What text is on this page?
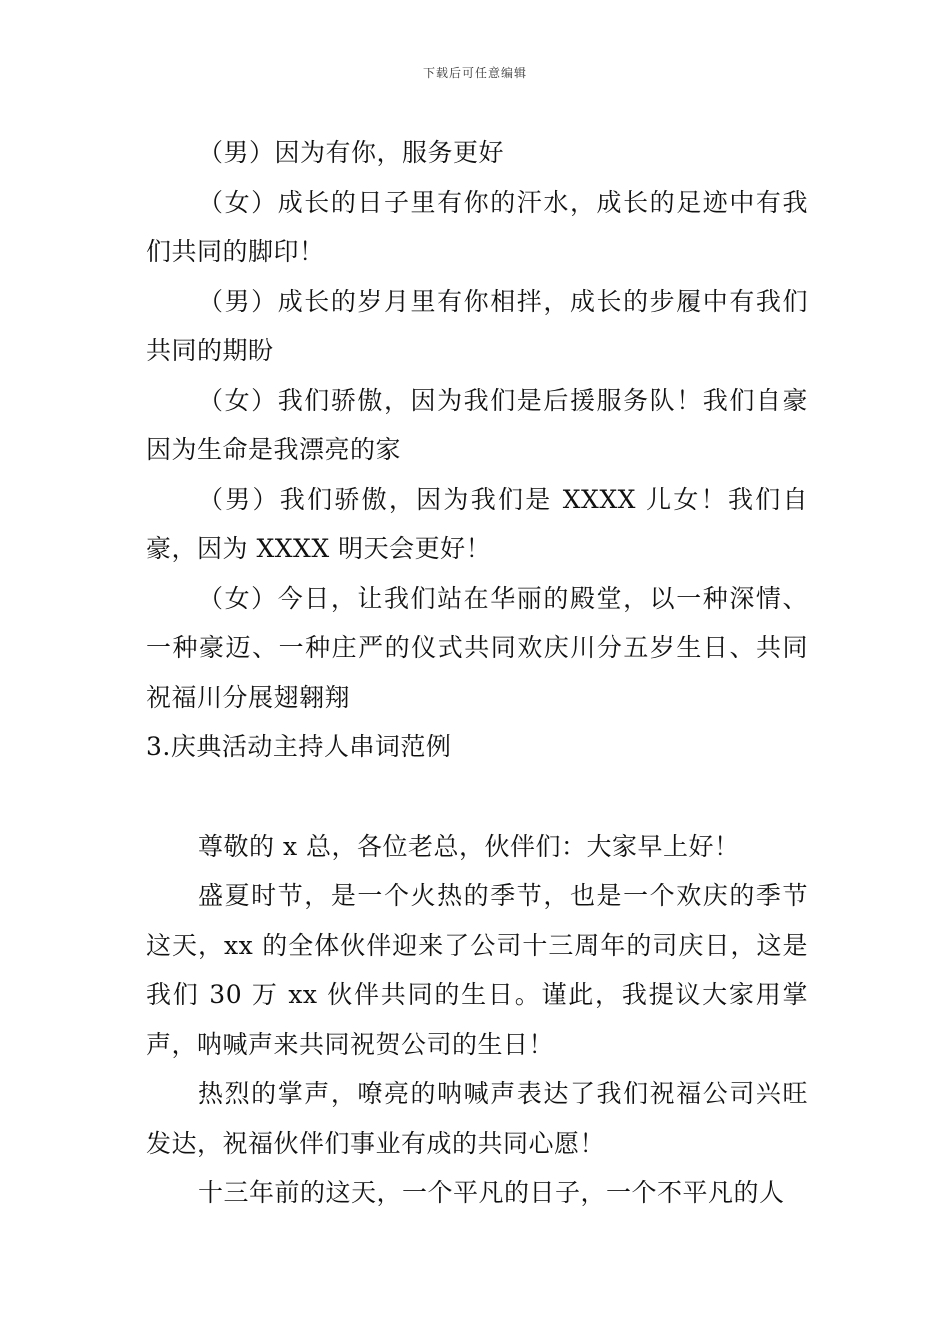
下载后可任意编辑

（男）因为有你，服务更好

（女）成长的日子里有你的汗水，成长的足迹中有我们共同的脚印！

（男）成长的岁月里有你相拌，成长的步履中有我们共同的期盼

（女）我们骄傲，因为我们是后援服务队！我们自豪因为生命是我漂亮的家

（男）我们骄傲，因为我们是 XXXX 儿女！我们自豪，因为 XXXX 明天会更好！

（女）今日，让我们站在华丽的殿堂，以一种深情、一种豪迈、一种庄严的仪式共同欢庆川分五岁生日、共同祝福川分展翅翱翔

3.庆典活动主持人串词范例

尊敬的 x 总，各位老总，伙伴们：大家早上好！

盛夏时节，是一个火热的季节，也是一个欢庆的季节这天，xx 的全体伙伴迎来了公司十三周年的司庆日，这是我们 30 万 xx 伙伴共同的生日。谨此，我提议大家用掌声，呐喊声来共同祝贺公司的生日！

热烈的掌声，嘹亮的呐喊声表达了我们祝福公司兴旺发达，祝福伙伴们事业有成的共同心愿！

十三年前的这天，一个平凡的日子，一个不平凡的人
